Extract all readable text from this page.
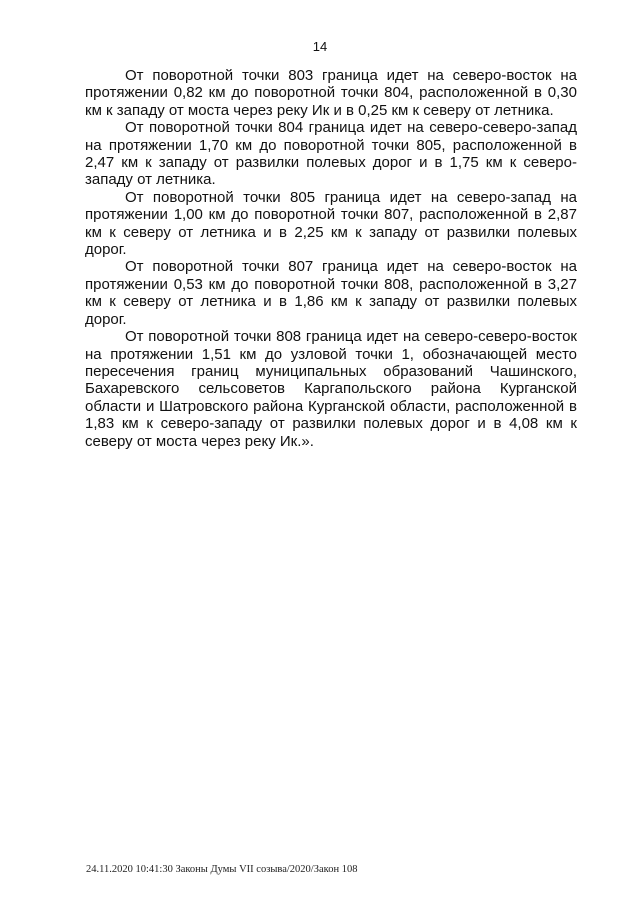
14

От поворотной точки 803 граница идет на северо-восток на протяжении 0,82 км до поворотной точки 804, расположенной в 0,30 км к западу от моста через реку Ик и в 0,25 км к северу от летника.

От поворотной точки 804 граница идет на северо-северо-запад на протяжении 1,70 км до поворотной точки 805, расположенной в 2,47 км к западу от развилки полевых дорог и в 1,75 км к северо-западу от летника.

От поворотной точки 805 граница идет на северо-запад на протяжении 1,00 км до поворотной точки 807, расположенной в 2,87 км к северу от летника и в 2,25 км к западу от развилки полевых дорог.

От поворотной точки 807 граница идет на северо-восток на протяжении 0,53 км до поворотной точки 808, расположенной в 3,27 км к северу от летника и в 1,86 км к западу от развилки полевых дорог.

От поворотной точки 808 граница идет на северо-северо-восток на протяжении 1,51 км до узловой точки 1, обозначающей место пересечения границ муниципальных образований Чашинского, Бахаревского сельсоветов Каргапольского района Курганской области и Шатровского района Курганской области, расположенной в 1,83 км к северо-западу от развилки полевых дорог и в 4,08 км к северу от моста через реку Ик.».

24.11.2020 10:41:30 Законы Думы VII созыва/2020/Закон 108
